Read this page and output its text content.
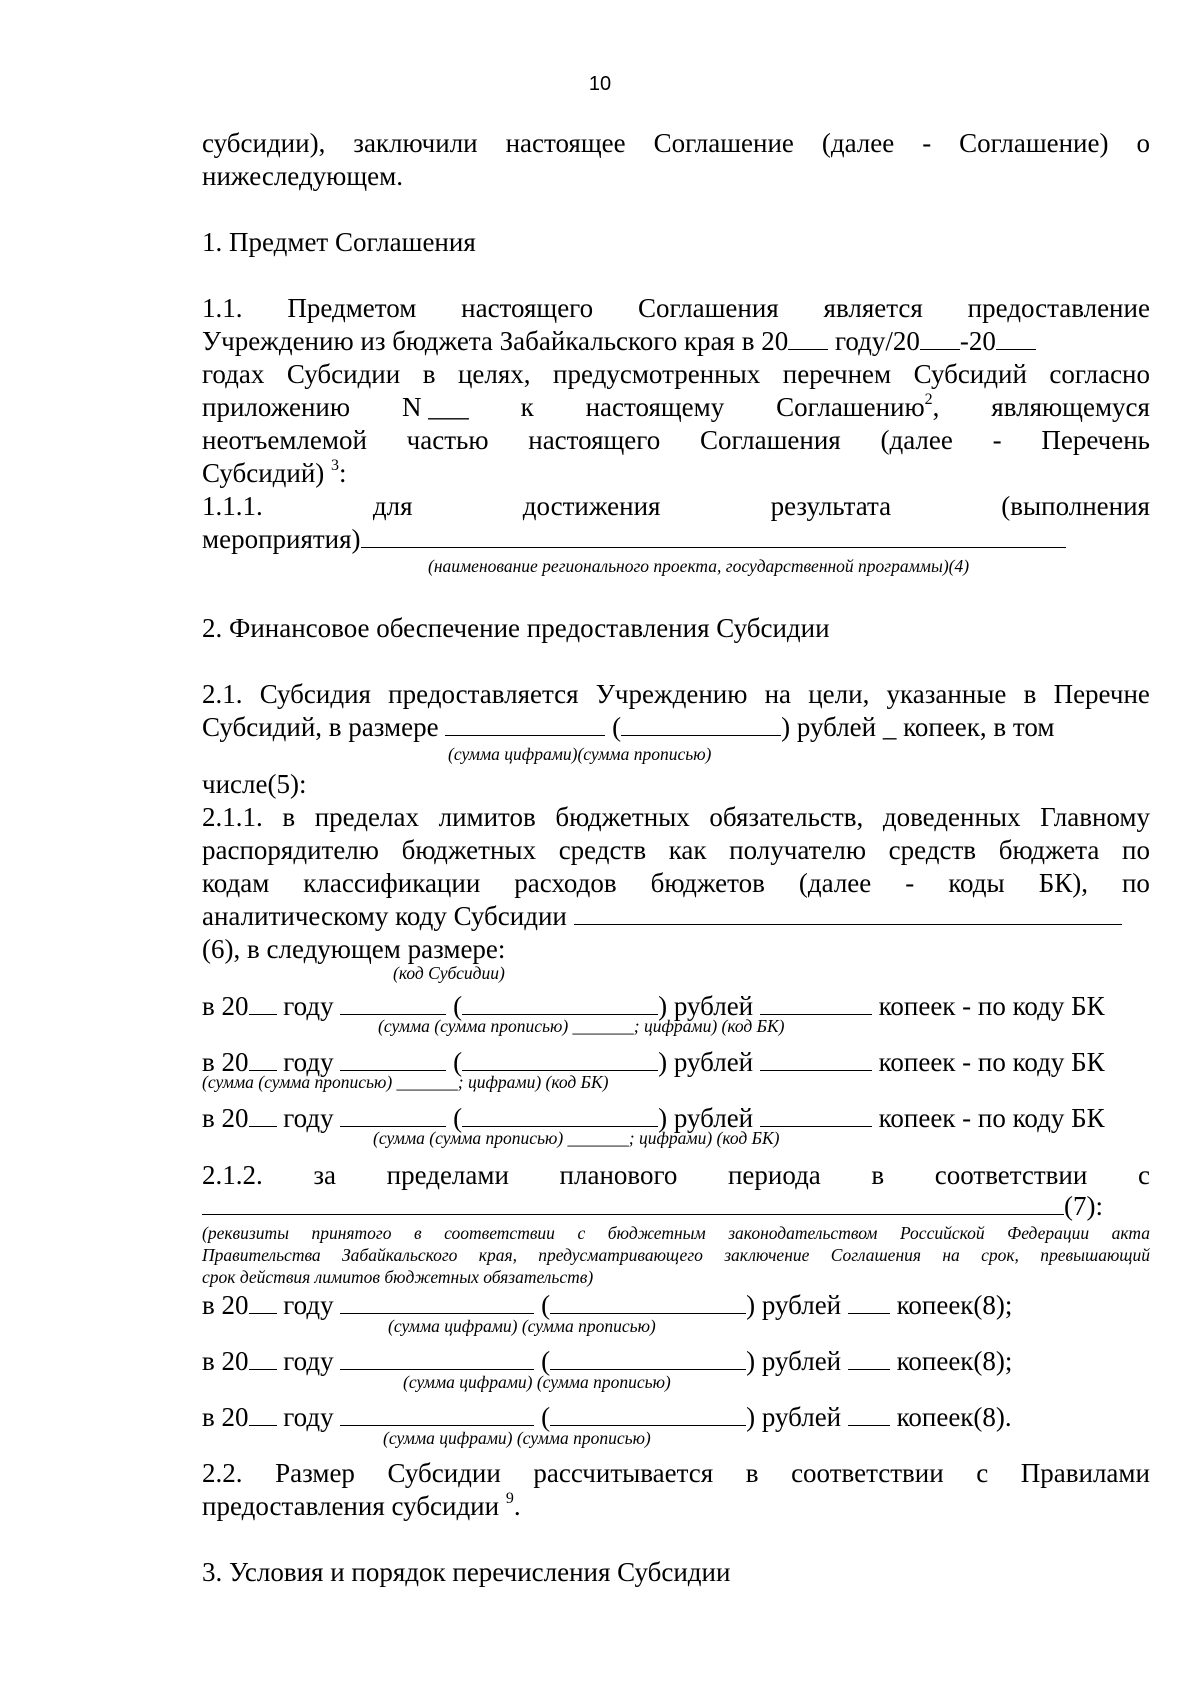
10
субсидии), заключили настоящее Соглашение (далее - Соглашение) о
нижеследующем.
1. Предмет Соглашения
1.1. Предметом настоящего Соглашения является предоставление
Учреждению из бюджета Забайкальского края в 20 году/20 -20
годах Субсидии в целях, предусмотренных перечнем Субсидий согласно
приложению N ___ к настоящему Соглашению$^2$, являющемуся
неотъемлемой частью настоящего Соглашения (далее - Перечень
Субсидий) $^3$:
1.1.1.	для	достижения	результата	(выполнения
мероприятия)
(наименование регионального проекта, государственной программы)(4)
2. Финансовое обеспечение предоставления Субсидии
2.1. Субсидия предоставляется Учреждению на цели, указанные в Перечне
Субсидий, в размере	(	) рублей _ копеек, в том
(сумма цифрами)(сумма прописью)
числе(5):
2.1.1. в пределах лимитов бюджетных обязательств, доведенных Главному
распорядителю бюджетных средств как получателю средств бюджета по
кодам классификации расходов бюджетов (далее - коды БК), по
аналитическому коду Субсидии
(6), в следующем размере:
(код Субсидии)
в 20 году	(	) рублей	копеек - по коду БК
(сумма (сумма прописью) _______; цифрами) (код БК)
в 20 году	(	) рублей	копеек - по коду БК
(сумма (сумма прописью) _______; цифрами) (код БК)
в 20 году	(	) рублей	копеек - по коду БК
(сумма (сумма прописью) _______; цифрами) (код БК)
2.1.2. за пределами планового периода в соответствии с
(7):
(реквизиты принятого в соответствии с бюджетным законодательством Российской Федерации акта
Правительства Забайкальского края, предусматривающего заключение Соглашения на срок, превышающий
срок действия лимитов бюджетных обязательств)
в 20 году	(	) рублей копеек(8);
(сумма цифрами) (сумма прописью)
в 20 году	(	) рублей копеек(8);
(сумма цифрами) (сумма прописью)
в 20 году	(	) рублей копеек(8).
(сумма цифрами) (сумма прописью)
2.2. Размер Субсидии рассчитывается в соответствии с Правилами
предоставления субсидии $^9$.
3. Условия и порядок перечисления Субсидии
